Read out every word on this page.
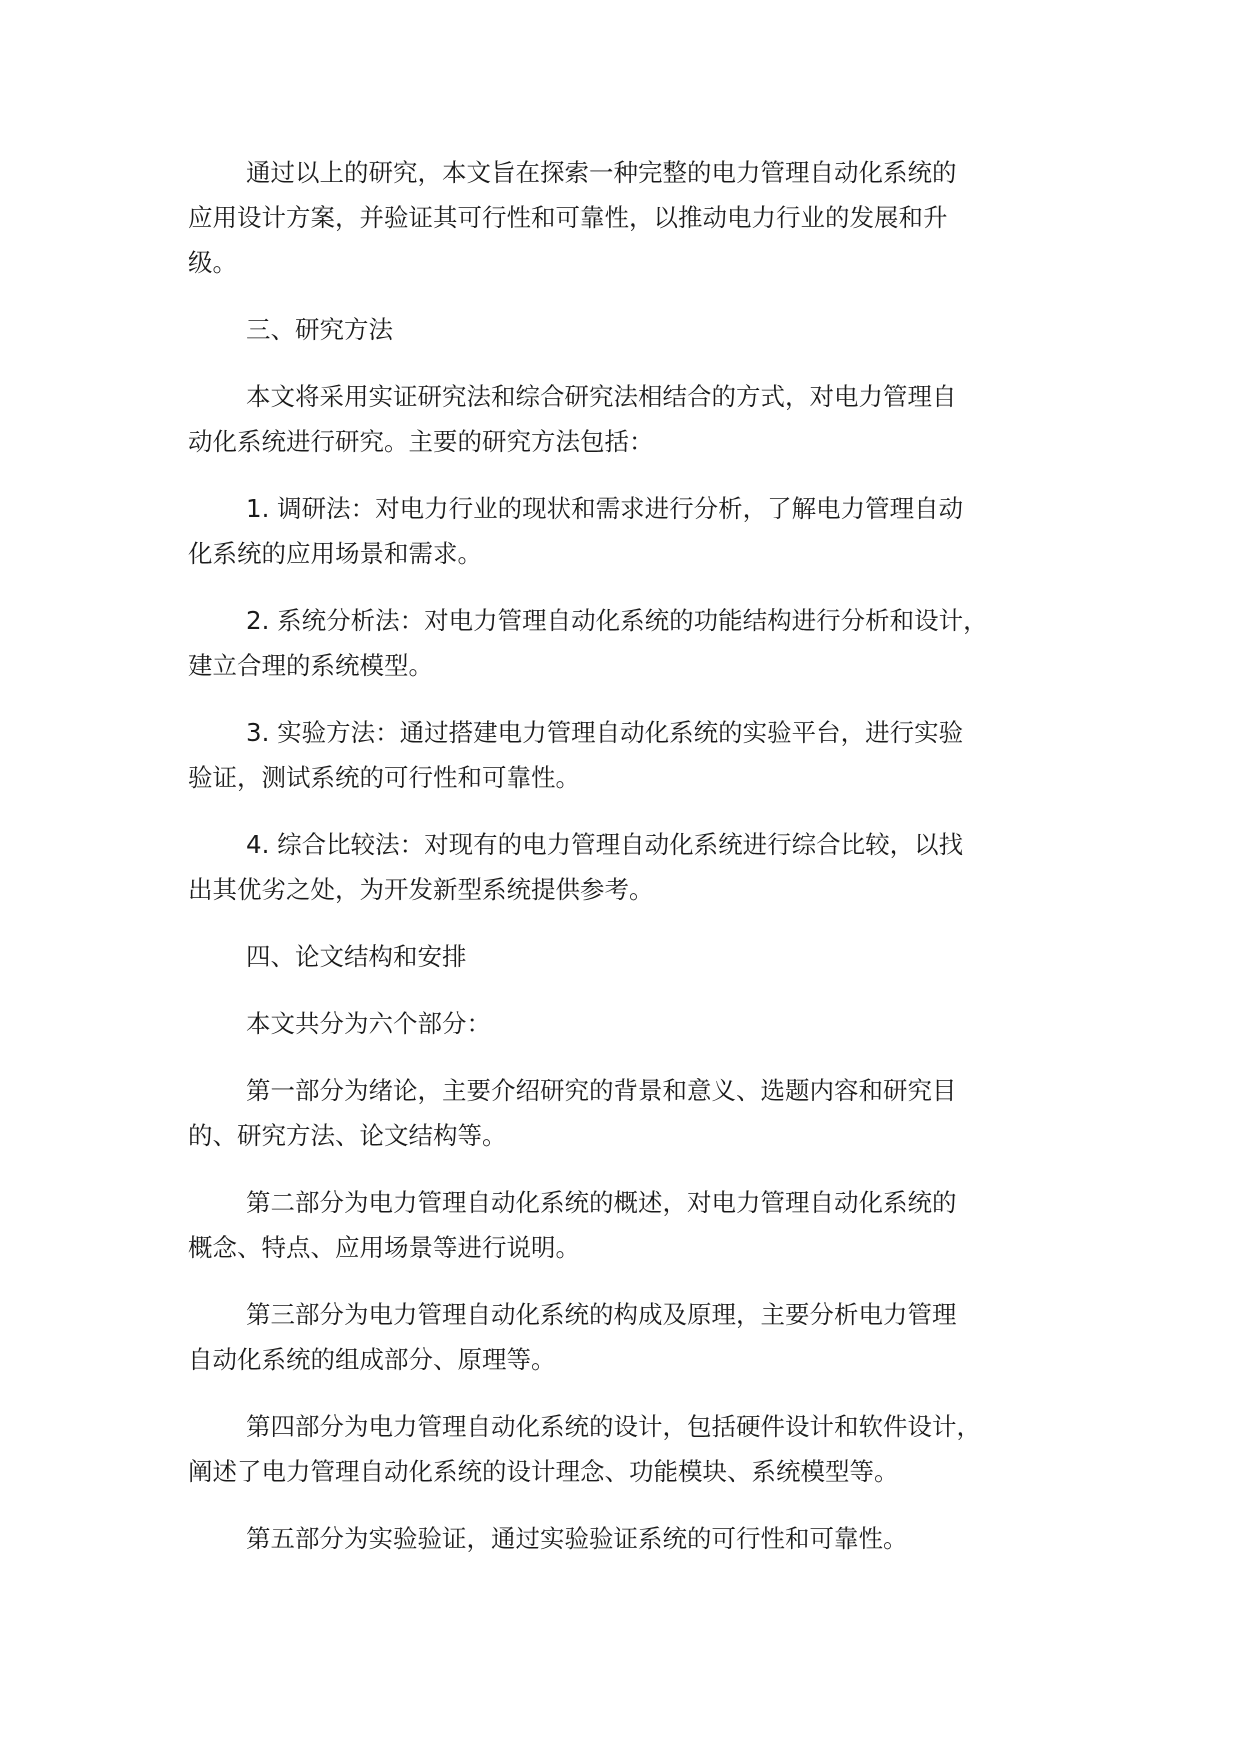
通过以上的研究，本文旨在探索一种完整的电力管理自动化系统的
应用设计方案，并验证其可行性和可靠性，以推动电力行业的发展和升
级。

三、研究方法

本文将采用实证研究法和综合研究法相结合的方式，对电力管理自
动化系统进行研究。主要的研究方法包括：

1. 调研法：对电力行业的现状和需求进行分析，了解电力管理自动
化系统的应用场景和需求。

2. 系统分析法：对电力管理自动化系统的功能结构进行分析和设计，
建立合理的系统模型。

3. 实验方法：通过搭建电力管理自动化系统的实验平台，进行实验
验证，测试系统的可行性和可靠性。

4. 综合比较法：对现有的电力管理自动化系统进行综合比较，以找
出其优劣之处，为开发新型系统提供参考。

四、论文结构和安排

本文共分为六个部分：

第一部分为绪论，主要介绍研究的背景和意义、选题内容和研究目
的、研究方法、论文结构等。

第二部分为电力管理自动化系统的概述，对电力管理自动化系统的
概念、特点、应用场景等进行说明。

第三部分为电力管理自动化系统的构成及原理，主要分析电力管理
自动化系统的组成部分、原理等。

第四部分为电力管理自动化系统的设计，包括硬件设计和软件设计，
阐述了电力管理自动化系统的设计理念、功能模块、系统模型等。

第五部分为实验验证，通过实验验证系统的可行性和可靠性。
